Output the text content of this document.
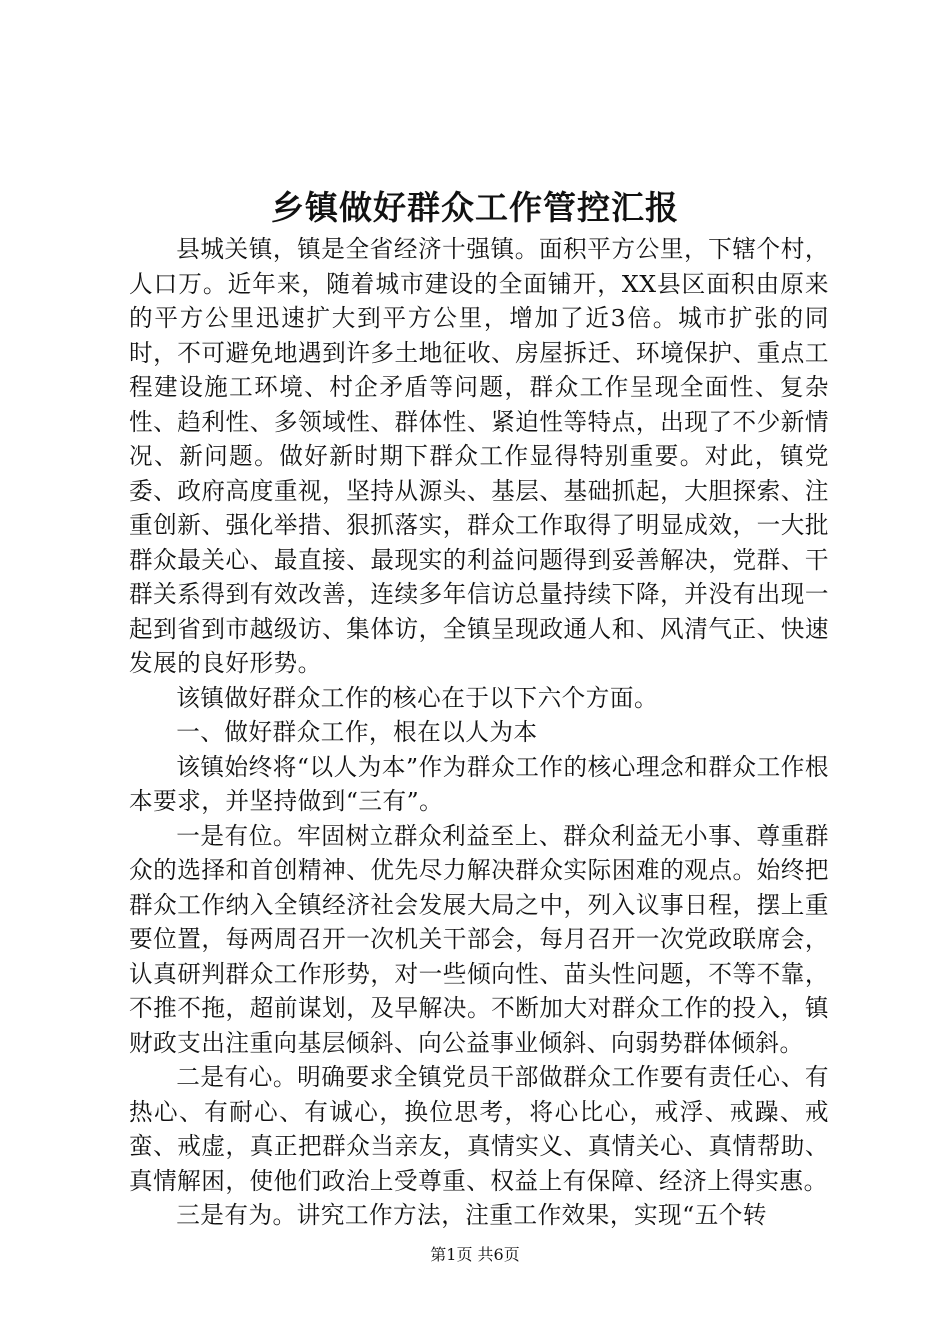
乡镇做好群众工作管控汇报

县城关镇，镇是全省经济十强镇。面积平方公里，下辖个村，人口万。近年来，随着城市建设的全面铺开，XX县区面积由原来的平方公里迅速扩大到平方公里，增加了近3倍。城市扩张的同时，不可避免地遇到许多土地征收、房屋拆迁、环境保护、重点工程建设施工环境、村企矛盾等问题，群众工作呈现全面性、复杂性、趋利性、多领域性、群体性、紧迫性等特点，出现了不少新情况、新问题。做好新时期下群众工作显得特别重要。对此，镇党委、政府高度重视，坚持从源头、基层、基础抓起，大胆探索、注重创新、强化举措、狠抓落实，群众工作取得了明显成效，一大批群众最关心、最直接、最现实的利益问题得到妥善解决，党群、干群关系得到有效改善，连续多年信访总量持续下降，并没有出现一起到省到市越级访、集体访，全镇呈现政通人和、风清气正、快速发展的良好形势。

该镇做好群众工作的核心在于以下六个方面。

一、做好群众工作，根在以人为本

该镇始终将“以人为本”作为群众工作的核心理念和群众工作根本要求，并坚持做到“三有”。

一是有位。牢固树立群众利益至上、群众利益无小事、尊重群众的选择和首创精神、优先尽力解决群众实际困难的观点。始终把群众工作纳入全镇经济社会发展大局之中，列入议事日程，摆上重要位置，每两周召开一次机关干部会，每月召开一次党政联席会，认真研判群众工作形势，对一些倾向性、苗头性问题，不等不靠，不推不拖，超前谋划，及早解决。不断加大对群众工作的投入，镇财政支出注重向基层倾斜、向公益事业倾斜、向弱势群体倾斜。

二是有心。明确要求全镇党员干部做群众工作要有责任心、有热心、有耐心、有诚心，换位思考，将心比心，戒浮、戒躁、戒蛮、戒虚，真正把群众当亲友，真情实义、真情关心、真情帮助、真情解困，使他们政治上受尊重、权益上有保障、经济上得实惠。

三是有为。讲究工作方法，注重工作效果，实现“五个转

第1页 共6页
